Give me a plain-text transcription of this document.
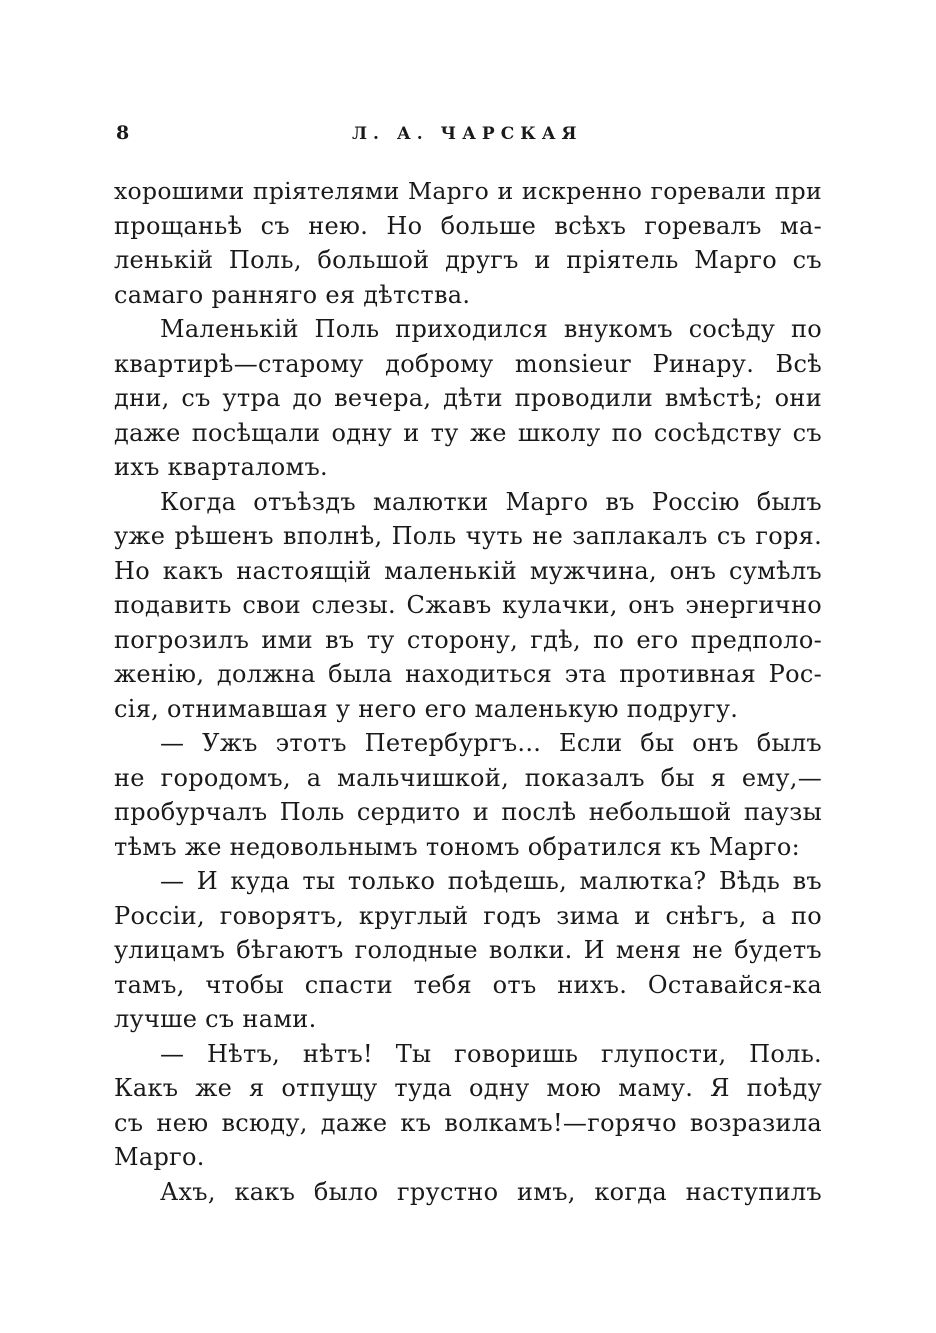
8	Л. А. ЧАРСКАЯ
хорошими пріятелями Марго и искренно горевали при
прощаньѣ съ нею. Но больше всѣхъ горевалъ ма-
ленькій Поль, большой другъ и пріятель Марго съ
самаго ранняго ея дѣтства.
Маленькій Поль приходился внукомъ сосѣду по
квартирѣ—старому доброму monsieur Ринару. Всѣ
дни, съ утра до вечера, дѣти проводили вмѣстѣ; они
даже посѣщали одну и ту же школу по сосѣдству съ
ихъ кварталомъ.
Когда отъѣздъ малютки Марго въ Россію былъ
уже рѣшенъ вполнѣ, Поль чуть не заплакалъ съ горя.
Но какъ настоящій маленькій мужчина, онъ сумѣлъ
подавить свои слезы. Сжавъ кулачки, онъ энергично
погрозилъ ими въ ту сторону, гдѣ, по его предполо-
женію, должна была находиться эта противная Рос-
сія, отнимавшая у него его маленькую подругу.
— Ужъ этотъ Петербургъ... Если бы онъ былъ
не городомъ, а мальчишкой, показалъ бы я ему,—
пробурчалъ Поль сердито и послѣ небольшой паузы
тѣмъ же недовольнымъ тономъ обратился къ Марго:
— И куда ты только поѣдешь, малютка? Вѣдь въ
Россіи, говорятъ, круглый годъ зима и снѣгъ, а по
улицамъ бѣгаютъ голодные волки. И меня не будетъ
тамъ, чтобы спасти тебя отъ нихъ. Оставайся-ка
лучше съ нами.
— Нѣтъ, нѣтъ! Ты говоришь глупости, Поль.
Какъ же я отпущу туда одну мою маму. Я поѣду
съ нею всюду, даже къ волкамъ!—горячо возразила
Марго.
Ахъ, какъ было грустно имъ, когда наступилъ
